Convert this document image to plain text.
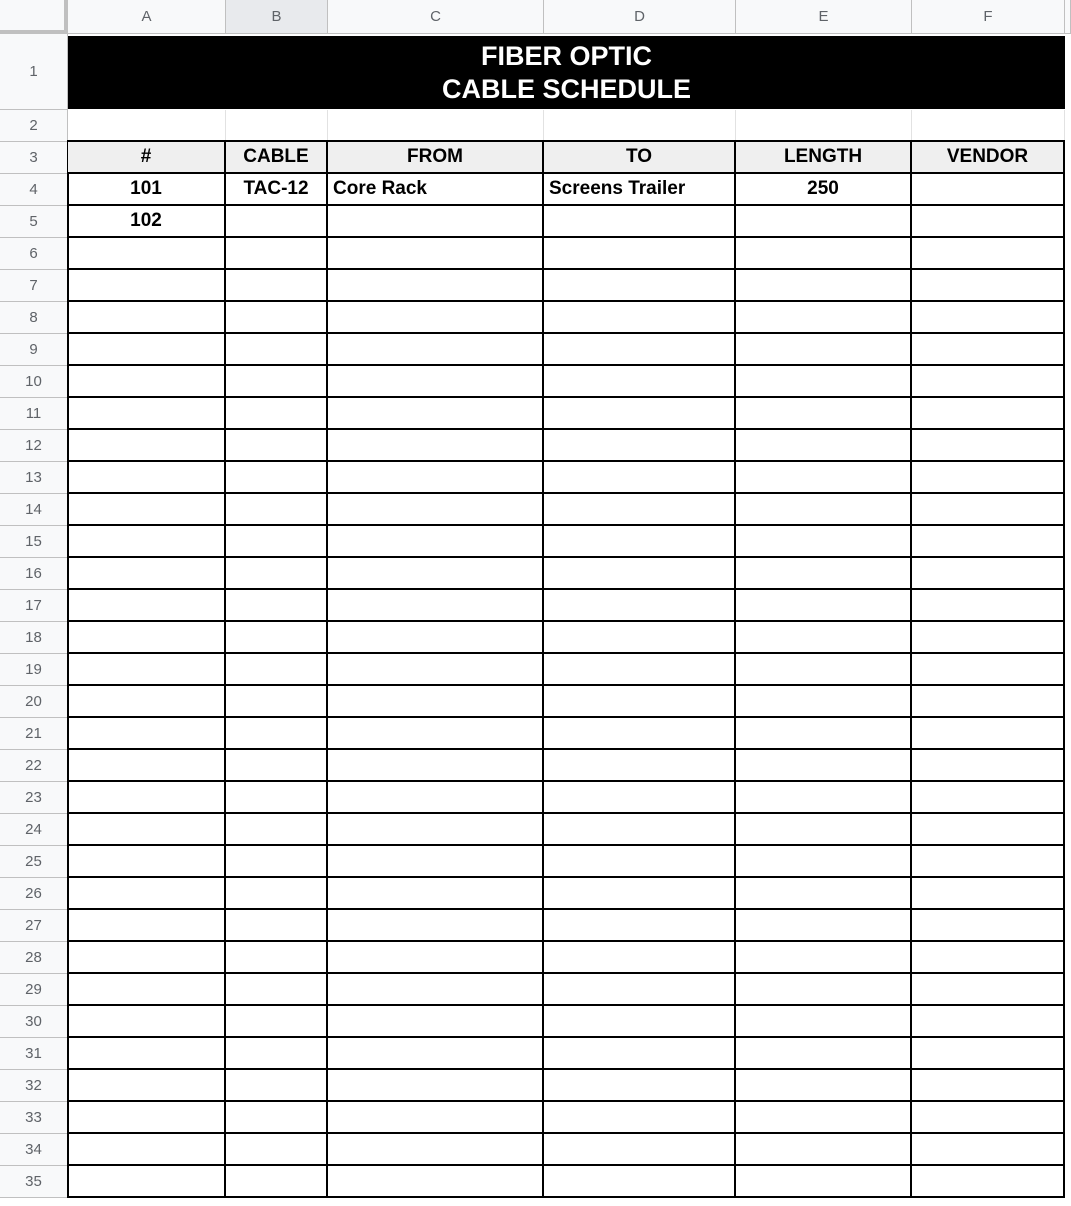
A	B	C	D	E	F
1
2
3
4
5
6
7
8
9
10
11
12
13
14
15
16
17
18
19
20
21
22
23
24
25
26
27
28
29
30
31
32
33
34
35
FIBER OPTIC
CABLE SCHEDULE
#	CABLE	FROM	TO	LENGTH	VENDOR
101	TAC-12	Core Rack	Screens Trailer	250
102
